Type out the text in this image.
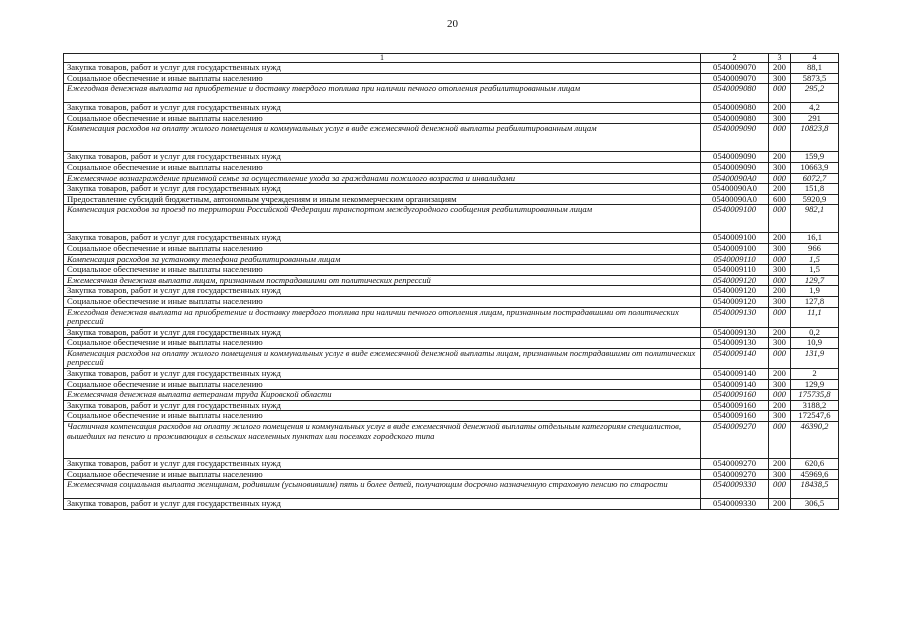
20
1	2	3	4
Закупка товаров, работ и услуг для государственных нужд	0540009070	200	88,1
Социальное обеспечение и иные выплаты населению	0540009070	300	5873,5
Ежегодная денежная выплата на приобретение и доставку твердого топлива при наличии печного отопления реабилитированным лицам	0540009080	000	295,2
Закупка товаров, работ и услуг для государственных нужд	0540009080	200	4,2
Социальное обеспечение и иные выплаты населению	0540009080	300	291
Компенсация расходов на оплату жилого помещения и коммунальных услуг в виде ежемесячной денежной выплаты реабилитированным лицам	0540009090	000	10823,8
Закупка товаров, работ и услуг для государственных нужд	0540009090	200	159,9
Социальное обеспечение и иные выплаты населению	0540009090	300	10663,9
Ежемесячное вознаграждение приемной семье за осуществление ухода за гражданами пожилого возраста и инвалидами	05400090А0	000	6072,7
Закупка товаров, работ и услуг для государственных нужд	05400090А0	200	151,8
Предоставление субсидий бюджетным, автономным учреждениям и иным некоммерческим организациям	05400090А0	600	5920,9
Компенсация расходов за проезд по территории Российской Федерации транспортом междугородного сообщения реабилитированным лицам	0540009100	000	982,1
Закупка товаров, работ и услуг для государственных нужд	0540009100	200	16,1
Социальное обеспечение и иные выплаты населению	0540009100	300	966
Компенсация расходов за установку телефона реабилитированным лицам	0540009110	000	1,5
Социальное обеспечение и иные выплаты населению	0540009110	300	1,5
Ежемесячная денежная выплата лицам, признанным пострадавшими от политических репрессий	0540009120	000	129,7
Закупка товаров, работ и услуг для государственных нужд	0540009120	200	1,9
Социальное обеспечение и иные выплаты населению	0540009120	300	127,8
Ежегодная денежная выплата на приобретение и доставку твердого топлива при наличии печного отопления лицам, признанным пострадавшими от политических репрессий	0540009130	000	11,1
Закупка товаров, работ и услуг для государственных нужд	0540009130	200	0,2
Социальное обеспечение и иные выплаты населению	0540009130	300	10,9
Компенсация расходов на оплату жилого помещения и коммунальных услуг в виде ежемесячной денежной выплаты лицам, признанным пострадавшими от политических репрессий	0540009140	000	131,9
Закупка товаров, работ и услуг для государственных нужд	0540009140	200	2
Социальное обеспечение и иные выплаты населению	0540009140	300	129,9
Ежемесячная денежная выплата ветеранам труда Кировской области	0540009160	000	175735,8
Закупка товаров, работ и услуг для государственных нужд	0540009160	200	3188,2
Социальное обеспечение и иные выплаты населению	0540009160	300	172547,6
Частичная компенсация расходов на оплату жилого помещения и коммунальных услуг в виде ежемесячной денежной выплаты отдельным категориям специалистов, вышедших на пенсию и проживающих в сельских населенных пунктах или поселках городского типа	0540009270	000	46390,2
Закупка товаров, работ и услуг для государственных нужд	0540009270	200	620,6
Социальное обеспечение и иные выплаты населению	0540009270	300	45969,6
Ежемесячная социальная выплата женщинам, родившим (усыновившим) пять и более детей, получающим досрочно назначенную страховую пенсию по старости	0540009330	000	18438,5
Закупка товаров, работ и услуг для государственных нужд	0540009330	200	306,5
